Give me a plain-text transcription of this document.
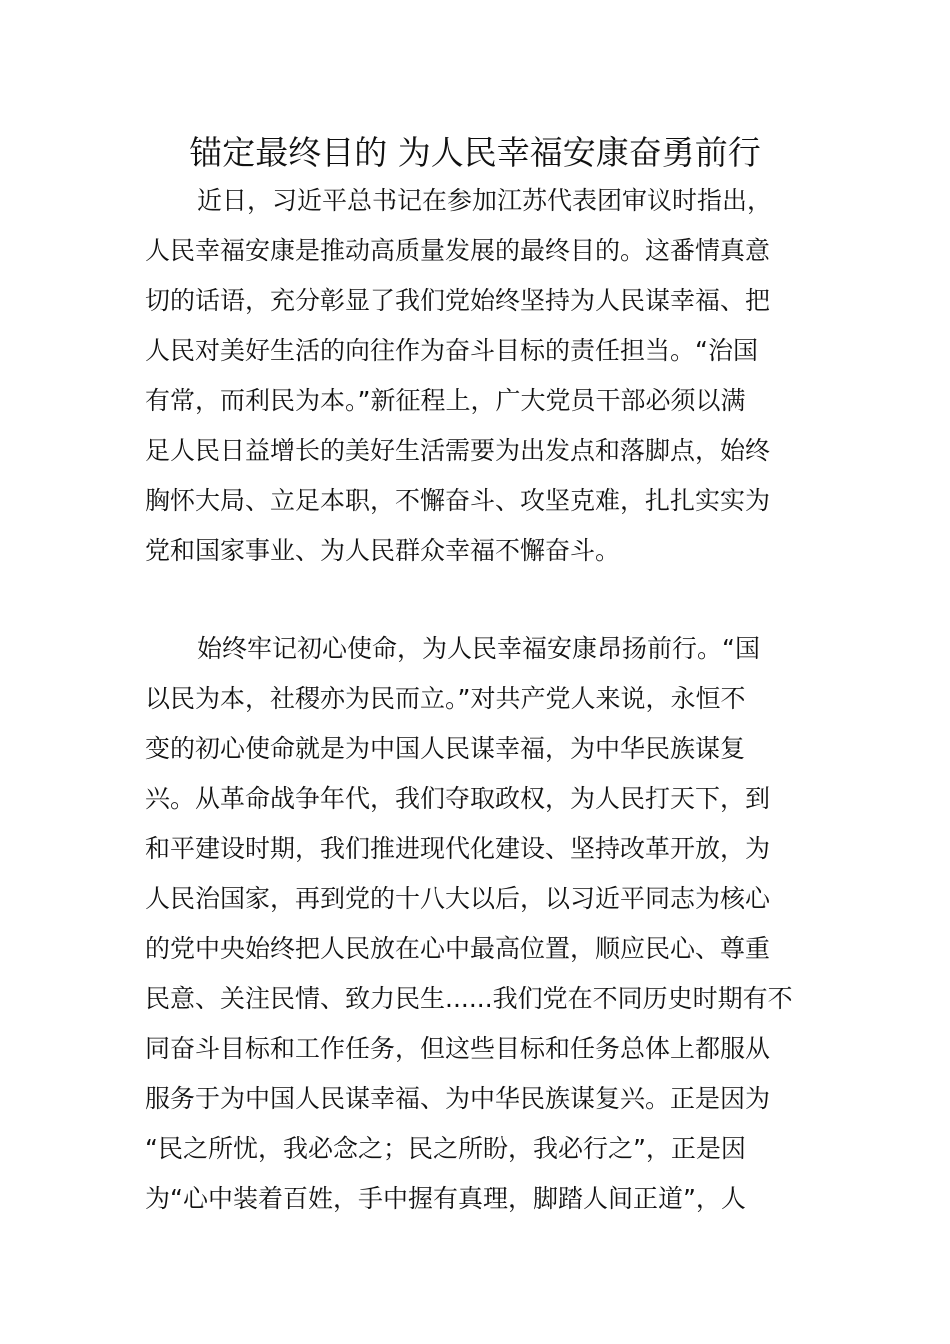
锚定最终目的 为人民幸福安康奋勇前行
近日，习近平总书记在参加江苏代表团审议时指出，
人民幸福安康是推动高质量发展的最终目的。这番情真意
切的话语，充分彰显了我们党始终坚持为人民谋幸福、把
人民对美好生活的向往作为奋斗目标的责任担当。“治国
有常，而利民为本。”新征程上，广大党员干部必须以满
足人民日益增长的美好生活需要为出发点和落脚点，始终
胸怀大局、立足本职，不懈奋斗、攻坚克难，扎扎实实为
党和国家事业、为人民群众幸福不懈奋斗。
始终牢记初心使命，为人民幸福安康昂扬前行。“国
以民为本，社稷亦为民而立。”对共产党人来说，永恒不
变的初心使命就是为中国人民谋幸福，为中华民族谋复
兴。从革命战争年代，我们夺取政权，为人民打天下，到
和平建设时期，我们推进现代化建设、坚持改革开放，为
人民治国家，再到党的十八大以后，以习近平同志为核心
的党中央始终把人民放在心中最高位置，顺应民心、尊重
民意、关注民情、致力民生......我们党在不同历史时期有不
同奋斗目标和工作任务，但这些目标和任务总体上都服从
服务于为中国人民谋幸福、为中华民族谋复兴。正是因为
“民之所忧，我必念之；民之所盼，我必行之”，正是因
为“心中装着百姓，手中握有真理，脚踏人间正道”，人
